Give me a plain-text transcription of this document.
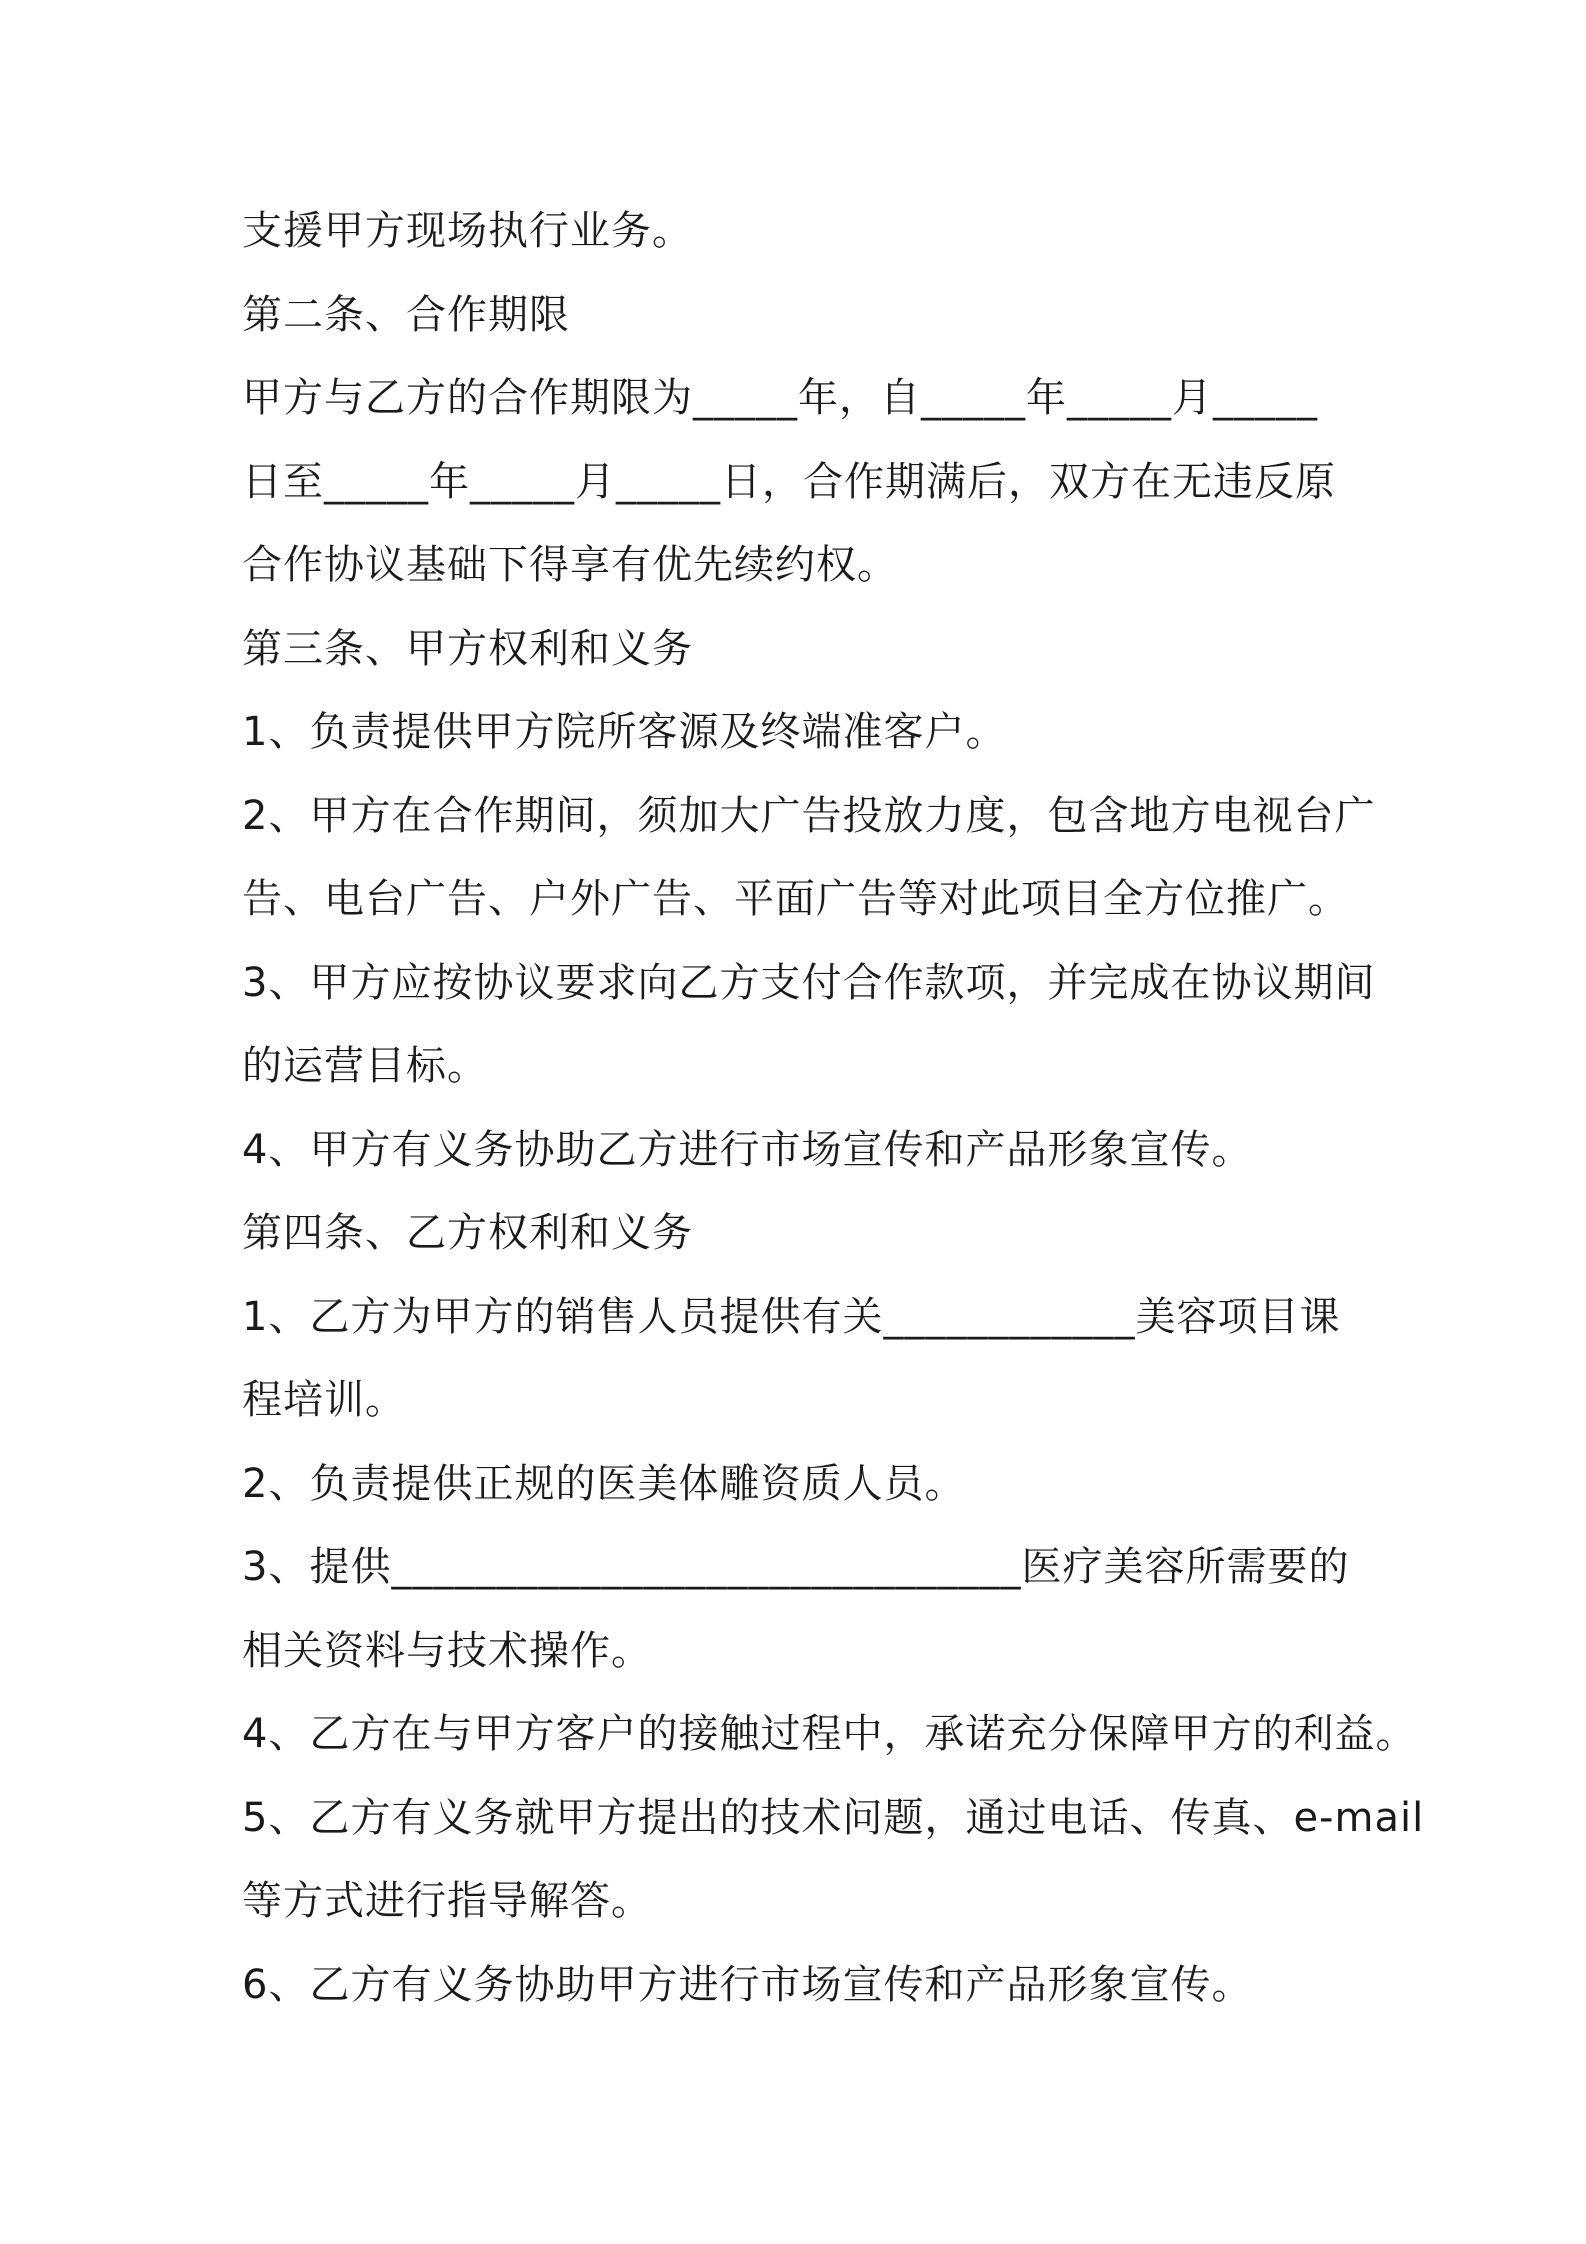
支援甲方现场执行业务。

第二条、合作期限

甲方与乙方的合作期限为_____年，自_____年_____月_____

日至_____年_____月_____日，合作期满后，双方在无违反原

合作协议基础下得享有优先续约权。

第三条、甲方权利和义务

1、负责提供甲方院所客源及终端准客户。

2、甲方在合作期间，须加大广告投放力度，包含地方电视台广

告、电台广告、户外广告、平面广告等对此项目全方位推广。

3、甲方应按协议要求向乙方支付合作款项，并完成在协议期间

的运营目标。

4、甲方有义务协助乙方进行市场宣传和产品形象宣传。

第四条、乙方权利和义务

1、乙方为甲方的销售人员提供有关____________美容项目课

程培训。

2、负责提供正规的医美体雕资质人员。

3、提供______________________________医疗美容所需要的

相关资料与技术操作。

4、乙方在与甲方客户的接触过程中，承诺充分保障甲方的利益。

5、乙方有义务就甲方提出的技术问题，通过电话、传真、e-mail

等方式进行指导解答。

6、乙方有义务协助甲方进行市场宣传和产品形象宣传。
